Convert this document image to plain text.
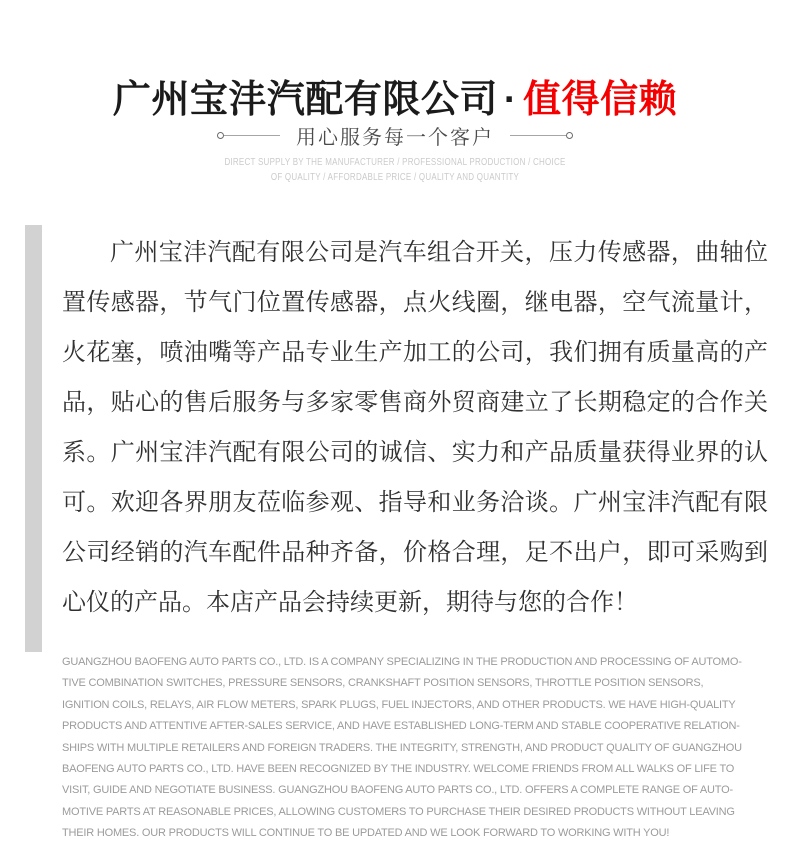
广州宝沣汽配有限公司 · 值得信赖
用心服务每一个客户
DIRECT SUPPLY BY THE MANUFACTURER / PROFESSIONAL PRODUCTION / CHOICE
OF QUALITY / AFFORDABLE PRICE / QUALITY AND QUANTITY
广州宝沣汽配有限公司是汽车组合开关，压力传感器，曲轴位
置传感器，节气门位置传感器，点火线圈，继电器，空气流量计，
火花塞，喷油嘴等产品专业生产加工的公司，我们拥有质量高的产
品，贴心的售后服务与多家零售商外贸商建立了长期稳定的合作关
系。广州宝沣汽配有限公司的诚信、实力和产品质量获得业界的认
可。欢迎各界朋友莅临参观、指导和业务洽谈。广州宝沣汽配有限
公司经销的汽车配件品种齐备，价格合理，足不出户，即可采购到
心仪的产品。本店产品会持续更新，期待与您的合作！
GUANGZHOU BAOFENG AUTO PARTS CO., LTD. IS A COMPANY SPECIALIZING IN THE PRODUCTION AND PROCESSING OF AUTOMO-
TIVE COMBINATION SWITCHES, PRESSURE SENSORS, CRANKSHAFT POSITION SENSORS, THROTTLE POSITION SENSORS,
IGNITION COILS, RELAYS, AIR FLOW METERS, SPARK PLUGS, FUEL INJECTORS, AND OTHER PRODUCTS. WE HAVE HIGH-QUALITY
PRODUCTS AND ATTENTIVE AFTER-SALES SERVICE, AND HAVE ESTABLISHED LONG-TERM AND STABLE COOPERATIVE RELATION-
SHIPS WITH MULTIPLE RETAILERS AND FOREIGN TRADERS. THE INTEGRITY, STRENGTH, AND PRODUCT QUALITY OF GUANGZHOU
BAOFENG AUTO PARTS CO., LTD. HAVE BEEN RECOGNIZED BY THE INDUSTRY. WELCOME FRIENDS FROM ALL WALKS OF LIFE TO
VISIT, GUIDE AND NEGOTIATE BUSINESS. GUANGZHOU BAOFENG AUTO PARTS CO., LTD. OFFERS A COMPLETE RANGE OF AUTO-
MOTIVE PARTS AT REASONABLE PRICES, ALLOWING CUSTOMERS TO PURCHASE THEIR DESIRED PRODUCTS WITHOUT LEAVING
THEIR HOMES. OUR PRODUCTS WILL CONTINUE TO BE UPDATED AND WE LOOK FORWARD TO WORKING WITH YOU!
